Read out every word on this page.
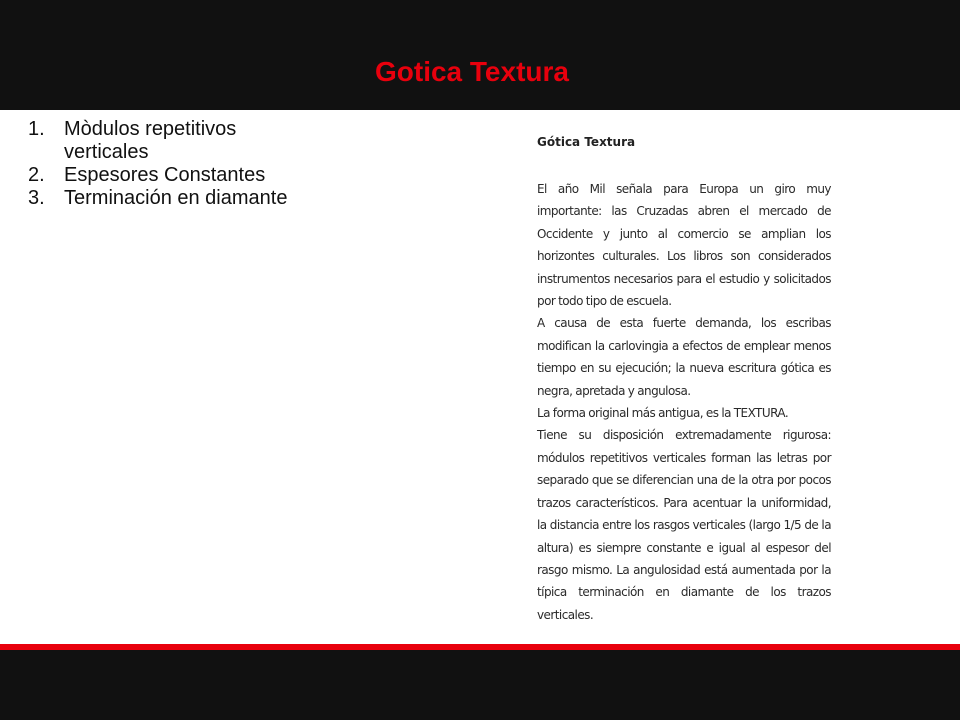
Gotica Textura
1. Mòdulos repetitivos verticales
2. Espesores Constantes
3. Terminación en diamante

Gótica Textura

El año Mil señala para Europa un giro muy importante: las Cruzadas abren el mercado de Occidente y junto al comercio se amplian los horizontes culturales. Los libros son considerados instrumentos necesarios para el estudio y solicitados por todo tipo de escuela.

A causa de esta fuerte demanda, los escribas modifican la carlovingia a efectos de emplear menos tiempo en su ejecución; la nueva escritura gótica es negra, apretada y angulosa.

La forma original más antigua, es la TEXTURA.

Tiene su disposición extremadamente rigurosa: módulos repetitivos verticales forman las letras por separado que se diferencian una de la otra por pocos trazos característicos. Para acentuar la uniformidad, la distancia entre los rasgos verticales (largo 1/5 de la altura) es siempre constante e igual al espesor del rasgo mismo. La angulosidad está aumentada por la típica terminación en diamante de los trazos verticales.
